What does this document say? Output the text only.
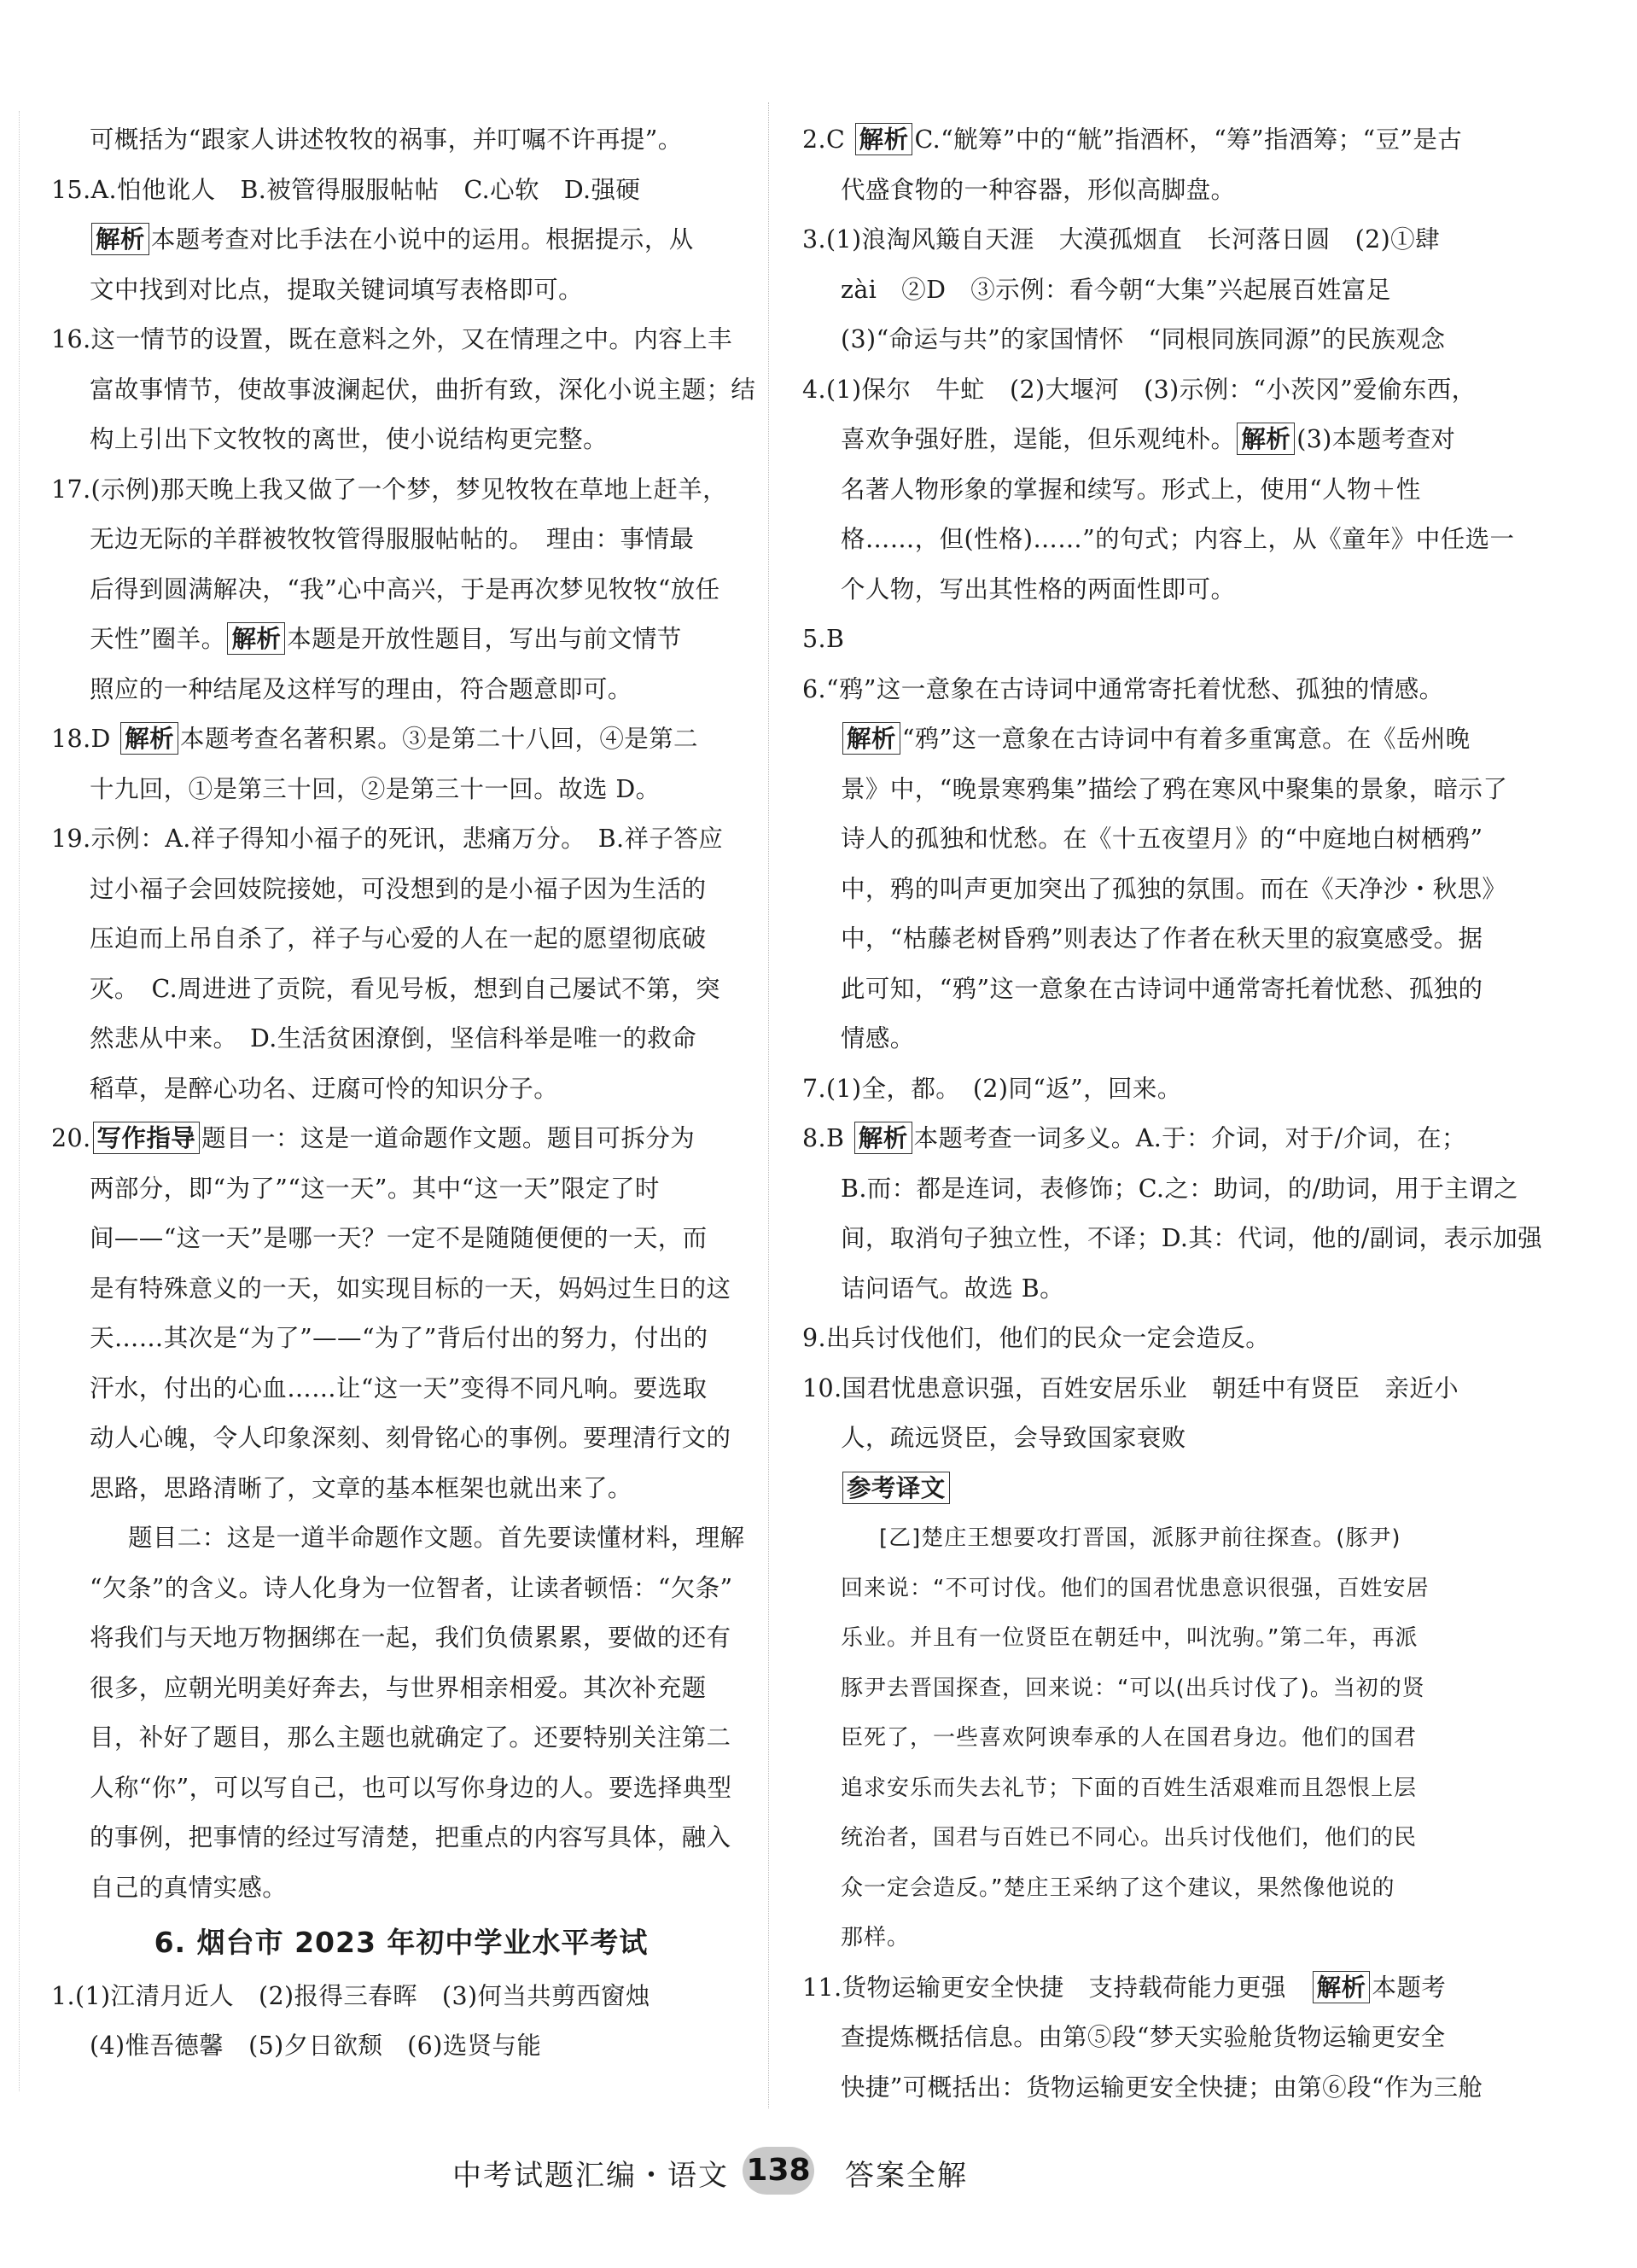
可概括为“跟家人讲述牧牧的祸事，并叮嘱不许再提”。

15.A.怕他讹人　B.被管得服服帖帖　C.心软　D.强硬

解析 本题考查对比手法在小说中的运用。根据提示，从

文中找到对比点，提取关键词填写表格即可。

16.这一情节的设置，既在意料之外，又在情理之中。内容上丰

富故事情节，使故事波澜起伏，曲折有致，深化小说主题；结

构上引出下文牧牧的离世，使小说结构更完整。

17.(示例)那天晚上我又做了一个梦，梦见牧牧在草地上赶羊，

无边无际的羊群被牧牧管得服服帖帖的。　理由：事情最

后得到圆满解决，“我”心中高兴，于是再次梦见牧牧“放任

天性”圈羊。 解析 本题是开放性题目，写出与前文情节

照应的一种结尾及这样写的理由，符合题意即可。

18.D 解析 本题考查名著积累。③是第二十八回，④是第二

十九回，①是第三十回，②是第三十一回。故选 D。

19.示例：A.祥子得知小福子的死讯，悲痛万分。　B.祥子答应

过小福子会回妓院接她，可没想到的是小福子因为生活的

压迫而上吊自杀了，祥子与心爱的人在一起的愿望彻底破

灭。　C.周进进了贡院，看见号板，想到自己屡试不第，突

然悲从中来。　D.生活贫困潦倒，坚信科举是唯一的救命

稻草，是醉心功名、迂腐可怜的知识分子。

20. 写作指导 题目一：这是一道命题作文题。题目可拆分为

两部分，即“为了”“这一天”。其中“这一天”限定了时

间——“这一天”是哪一天？一定不是随随便便的一天，而

是有特殊意义的一天，如实现目标的一天，妈妈过生日的这

天……其次是“为了”——“为了”背后付出的努力，付出的

汗水，付出的心血……让“这一天”变得不同凡响。要选取

动人心魄，令人印象深刻、刻骨铭心的事例。要理清行文的

思路，思路清晰了，文章的基本框架也就出来了。

题目二：这是一道半命题作文题。首先要读懂材料，理解

“欠条”的含义。诗人化身为一位智者，让读者顿悟：“欠条”

将我们与天地万物捆绑在一起，我们负债累累，要做的还有

很多，应朝光明美好奔去，与世界相亲相爱。其次补充题

目，补好了题目，那么主题也就确定了。还要特别关注第二

人称“你”，可以写自己，也可以写你身边的人。要选择典型

的事例，把事情的经过写清楚，把重点的内容写具体，融入

自己的真情实感。

6. 烟台市 2023 年初中学业水平考试

1.(1)江清月近人　(2)报得三春晖　(3)何当共剪西窗烛

(4)惟吾德馨　(5)夕日欲颓　(6)选贤与能

2.C 解析 C.“觥筹”中的“觥”指酒杯，“筹”指酒筹；“豆”是古

代盛食物的一种容器，形似高脚盘。

3.(1)浪淘风簸自天涯　大漠孤烟直　长河落日圆　(2)①肆

zài　②D　③示例：看今朝“大集”兴起展百姓富足

(3)“命运与共”的家国情怀　“同根同族同源”的民族观念

4.(1)保尔　牛虻　(2)大堰河　(3)示例：“小茨冈”爱偷东西，

喜欢争强好胜，逞能，但乐观纯朴。 解析 (3)本题考查对

名著人物形象的掌握和续写。形式上，使用“人物＋性

格……，但(性格)……”的句式；内容上，从《童年》中任选一

个人物，写出其性格的两面性即可。

5.B

6.“鸦”这一意象在古诗词中通常寄托着忧愁、孤独的情感。

解析 “鸦”这一意象在古诗词中有着多重寓意。在《岳州晚

景》中，“晚景寒鸦集”描绘了鸦在寒风中聚集的景象，暗示了

诗人的孤独和忧愁。在《十五夜望月》的“中庭地白树栖鸦”

中，鸦的叫声更加突出了孤独的氛围。而在《天净沙・秋思》

中，“枯藤老树昏鸦”则表达了作者在秋天里的寂寞感受。据

此可知，“鸦”这一意象在古诗词中通常寄托着忧愁、孤独的

情感。

7.(1)全，都。　(2)同“返”，回来。

8.B 解析 本题考查一词多义。A.于：介词，对于/介词，在；

B.而：都是连词，表修饰；C.之：助词，的/助词，用于主谓之

间，取消句子独立性，不译；D.其：代词，他的/副词，表示加强

诘问语气。故选 B。

9.出兵讨伐他们，他们的民众一定会造反。

10.国君忧患意识强，百姓安居乐业　朝廷中有贤臣　亲近小

人，疏远贤臣，会导致国家衰败

参考译文

[乙]楚庄王想要攻打晋国，派豚尹前往探查。(豚尹)

回来说：“不可讨伐。他们的国君忧患意识很强，百姓安居

乐业。并且有一位贤臣在朝廷中，叫沈驹。”第二年，再派

豚尹去晋国探查，回来说：“可以(出兵讨伐了)。当初的贤

臣死了，一些喜欢阿谀奉承的人在国君身边。他们的国君

追求安乐而失去礼节；下面的百姓生活艰难而且怨恨上层

统治者，国君与百姓已不同心。出兵讨伐他们，他们的民

众一定会造反。”楚庄王采纳了这个建议，果然像他说的

那样。

11.货物运输更安全快捷　支持载荷能力更强　解析 本题考

查提炼概括信息。由第⑤段“梦天实验舱货物运输更安全

快捷”可概括出：货物运输更安全快捷；由第⑥段“作为三舱

中考试题汇编・语文 138 答案全解
